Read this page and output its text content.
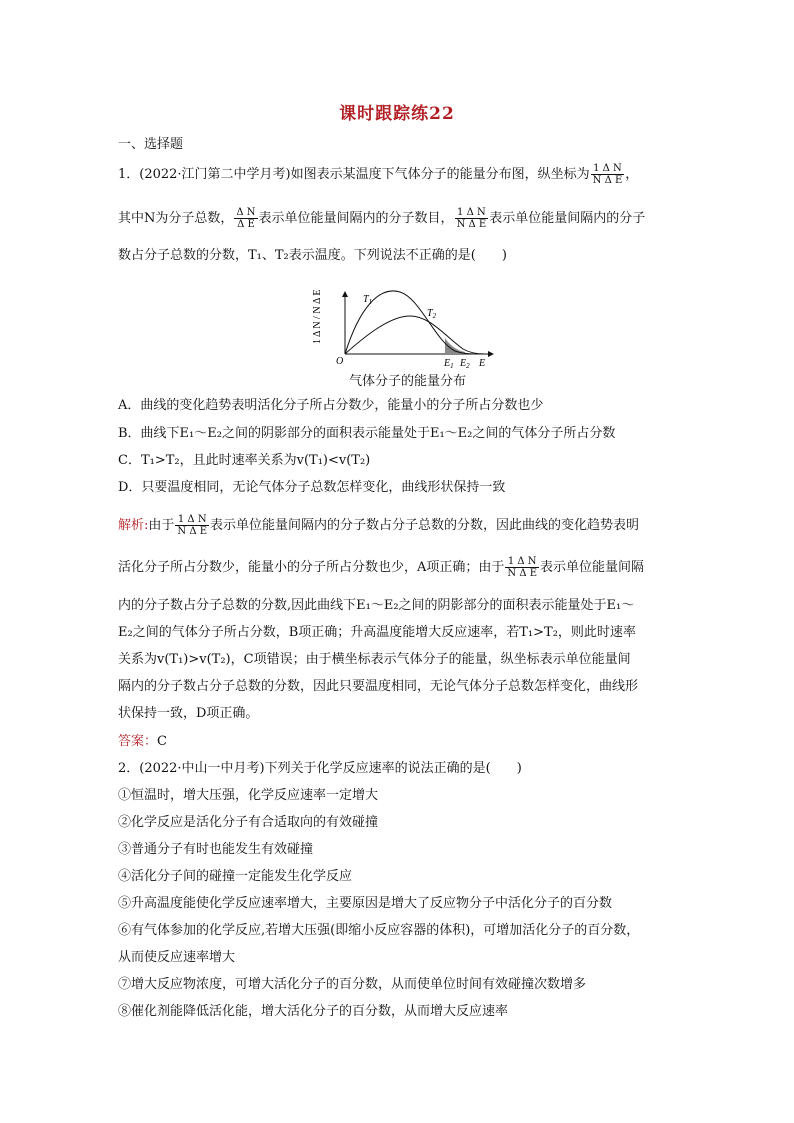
课时跟踪练22
一、选择题
1．(2022·江门第二中学月考)如图表示某温度下气体分子的能量分布图，纵坐标为 $\frac{\text{1 Δ N}}{\text{N Δ E}}$ ，
其中N为分子总数， $\frac{\text{Δ N}}{\text{Δ E}}$ 表示单位能量间隔内的分子数目， $\frac{\text{1 Δ N}}{\text{N Δ E}}$ 表示单位能量间隔内的分子
数占分子总数的分数，T₁、T₂表示温度。下列说法不正确的是(　　)
1 Δ N / N Δ E
O	E
$T_1$
$T_2$
$E_1$ $E_2$
气体分子的能量分布
A．曲线的变化趋势表明活化分子所占分数少，能量小的分子所占分数也少
B．曲线下E₁～E₂之间的阴影部分的面积表示能量处于E₁～E₂之间的气体分子所占分数
C．T₁>T₂，且此时速率关系为v(T₁)<v(T₂)
D．只要温度相同，无论气体分子总数怎样变化，曲线形状保持一致
解析:由于 $\frac{\text{1 Δ N}}{\text{N Δ E}}$ 表示单位能量间隔内的分子数占分子总数的分数，因此曲线的变化趋势表明
活化分子所占分数少，能量小的分子所占分数也少，A项正确；由于 $\frac{\text{1 Δ N}}{\text{N Δ E}}$ 表示单位能量间隔
内的分子数占分子总数的分数,因此曲线下E₁～E₂之间的阴影部分的面积表示能量处于E₁～
E₂之间的气体分子所占分数，B项正确；升高温度能增大反应速率，若T₁>T₂，则此时速率
关系为v(T₁)>v(T₂)，C项错误；由于横坐标表示气体分子的能量，纵坐标表示单位能量间
隔内的分子数占分子总数的分数，因此只要温度相同，无论气体分子总数怎样变化，曲线形
状保持一致，D项正确。
答案：C
2．(2022·中山一中月考)下列关于化学反应速率的说法正确的是(　　)
①恒温时，增大压强，化学反应速率一定增大
②化学反应是活化分子有合适取向的有效碰撞
③普通分子有时也能发生有效碰撞
④活化分子间的碰撞一定能发生化学反应
⑤升高温度能使化学反应速率增大，主要原因是增大了反应物分子中活化分子的百分数
⑥有气体参加的化学反应,若增大压强(即缩小反应容器的体积)，可增加活化分子的百分数，
从而使反应速率增大
⑦增大反应物浓度，可增大活化分子的百分数，从而使单位时间有效碰撞次数增多
⑧催化剂能降低活化能，增大活化分子的百分数，从而增大反应速率
